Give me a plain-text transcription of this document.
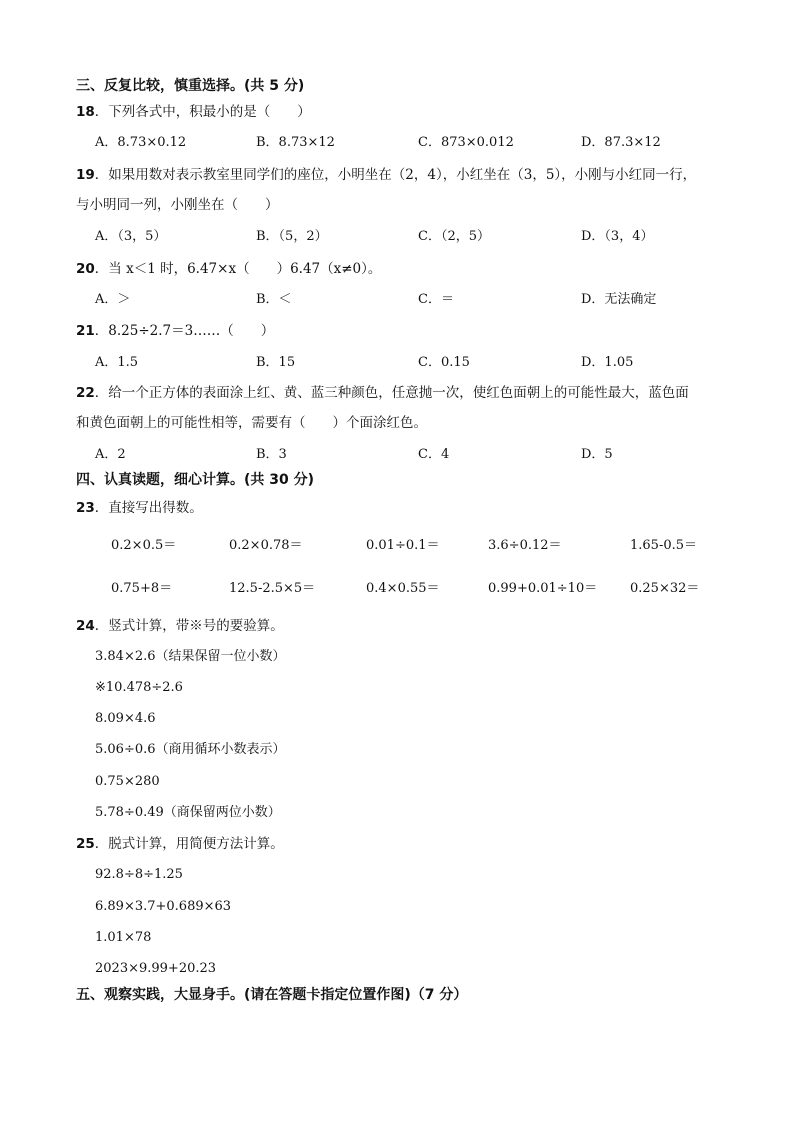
三、反复比较，慎重选择。(共 5 分)
18．下列各式中，积最小的是（　　）
A．8.73×0.12	B．8.73×12	C．873×0.012	D．87.3×12
19．如果用数对表示教室里同学们的座位，小明坐在（2，4），小红坐在（3，5），小刚与小红同一行，
与小明同一列，小刚坐在（　　）
A．（3，5）	B．（5，2）	C．（2，5）	D．（3，4）
20．当 x＜1 时，6.47×x（　　）6.47（x≠0）。
A．＞	B．＜	C．＝	D．无法确定
21．8.25÷2.7＝3……（　　）
A．1.5	B．15	C．0.15	D．1.05
22．给一个正方体的表面涂上红、黄、蓝三种颜色，任意抛一次，使红色面朝上的可能性最大，蓝色面
和黄色面朝上的可能性相等，需要有（　　）个面涂红色。
A．2	B．3	C．4	D．5
四、认真读题，细心计算。(共 30 分)
23．直接写出得数。
0.2×0.5＝	0.2×0.78＝	0.01÷0.1＝	3.6÷0.12＝	1.65-0.5＝
0.75+8＝	12.5-2.5×5＝	0.4×0.55＝	0.99+0.01÷10＝	0.25×32＝
24．竖式计算，带※号的要验算。
3.84×2.6（结果保留一位小数）
※10.478÷2.6
8.09×4.6
5.06÷0.6（商用循环小数表示）
0.75×280
5.78÷0.49（商保留两位小数）
25．脱式计算，用简便方法计算。
92.8÷8÷1.25
6.89×3.7+0.689×63
1.01×78
2023×9.99+20.23
五、观察实践，大显身手。(请在答题卡指定位置作图)（7 分）
